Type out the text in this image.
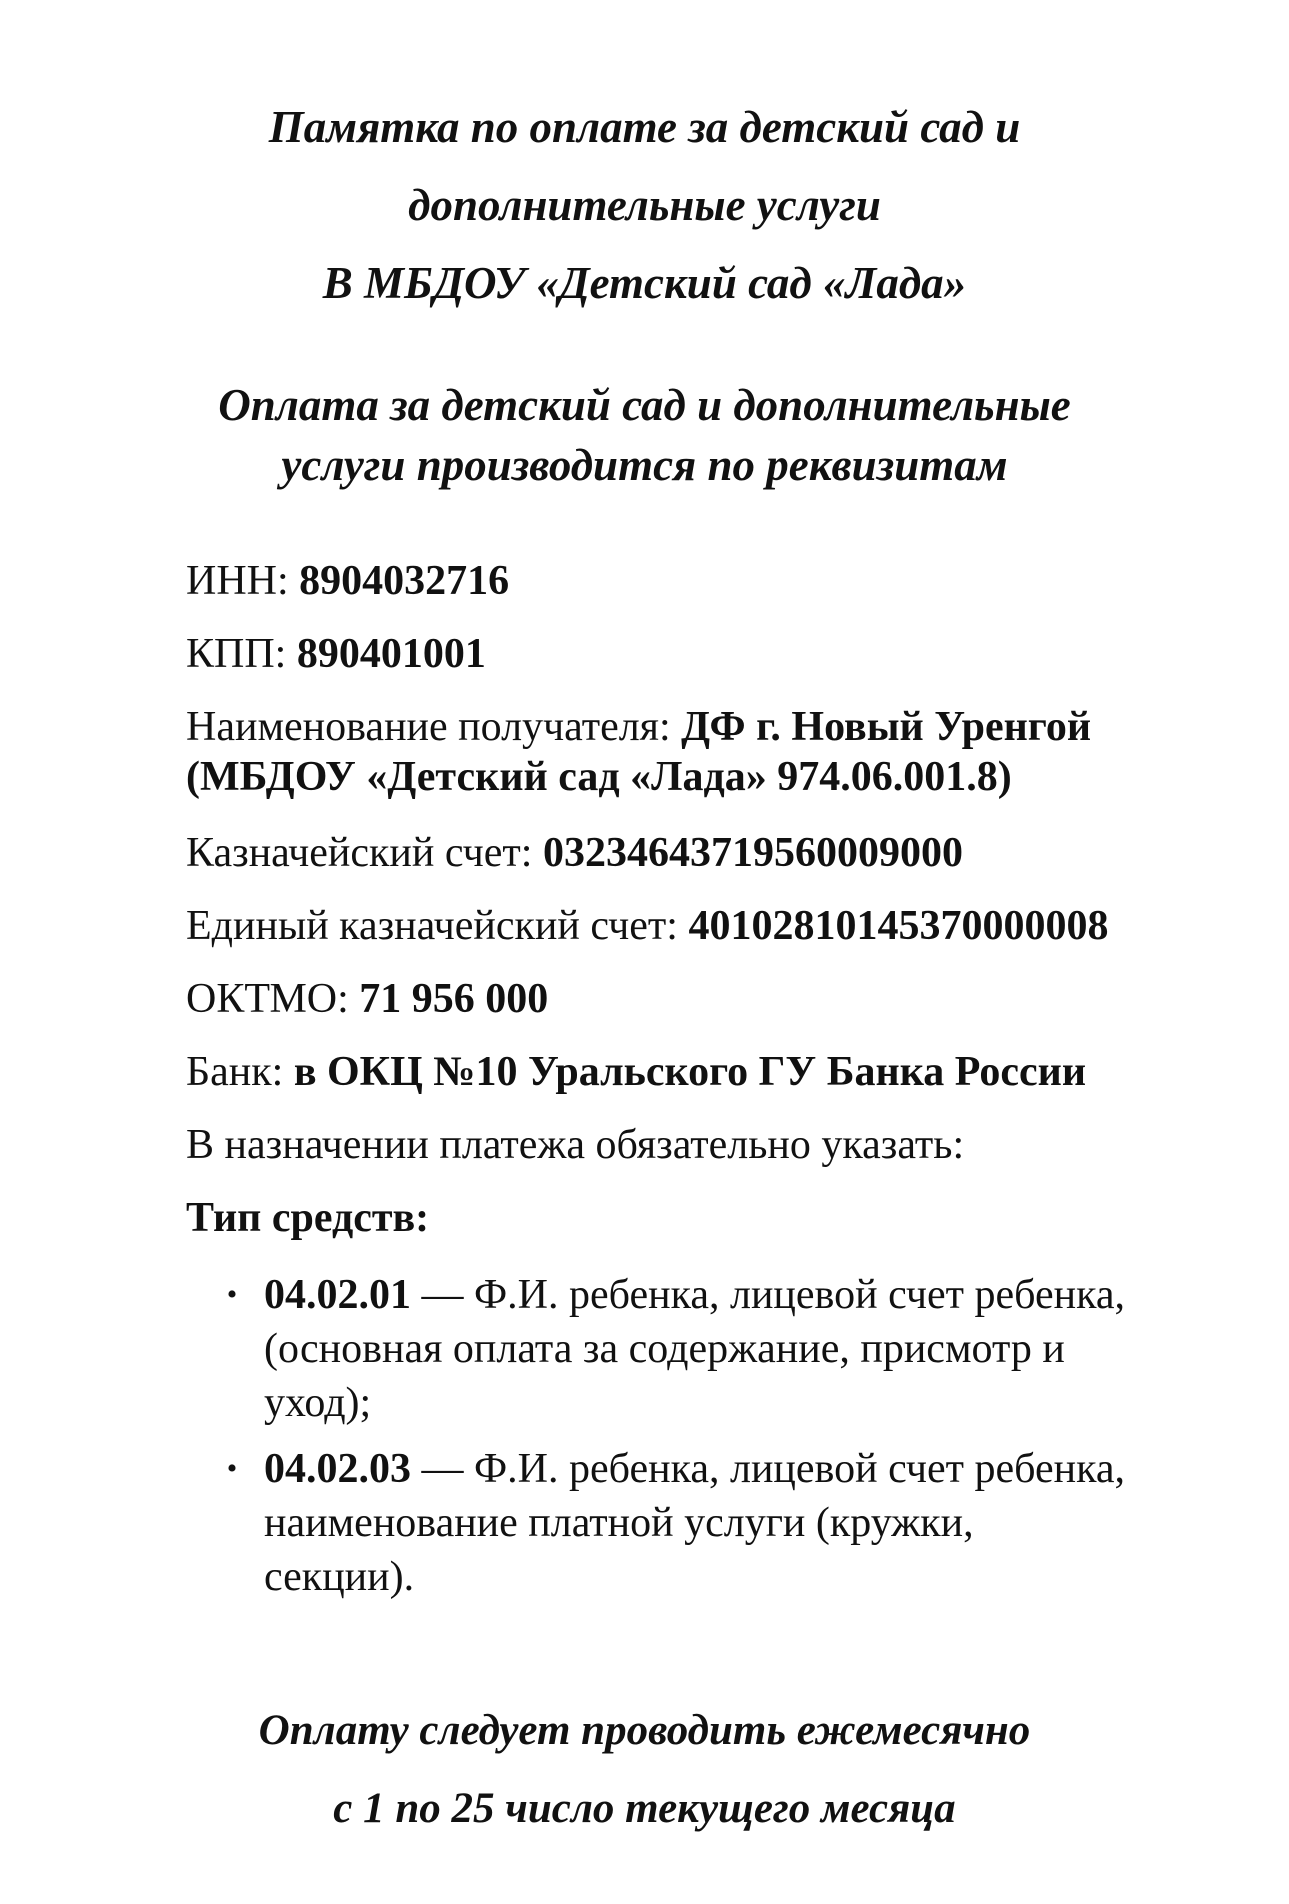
Памятка по оплате за детский сад и
дополнительные услуги
В МБДОУ «Детский сад «Лада»
Оплата за детский сад и дополнительные
услуги производится по реквизитам
ИНН: 8904032716
КПП: 890401001
Наименование получателя: ДФ г. Новый Уренгой
(МБДОУ «Детский сад «Лада» 974.06.001.8)
Казначейский счет: 03234643719560009000
Единый казначейский счет: 40102810145370000008
ОКТМО: 71 956 000
Банк: в ОКЦ №10 Уральского ГУ Банка России
В назначении платежа обязательно указать:
Тип средств:
• 04.02.01 — Ф.И. ребенка, лицевой счет ребенка,
(основная оплата за содержание, присмотр и
уход);
• 04.02.03 — Ф.И. ребенка, лицевой счет ребенка,
наименование платной услуги (кружки,
секции).
Оплату следует проводить ежемесячно
с 1 по 25 число текущего месяца
